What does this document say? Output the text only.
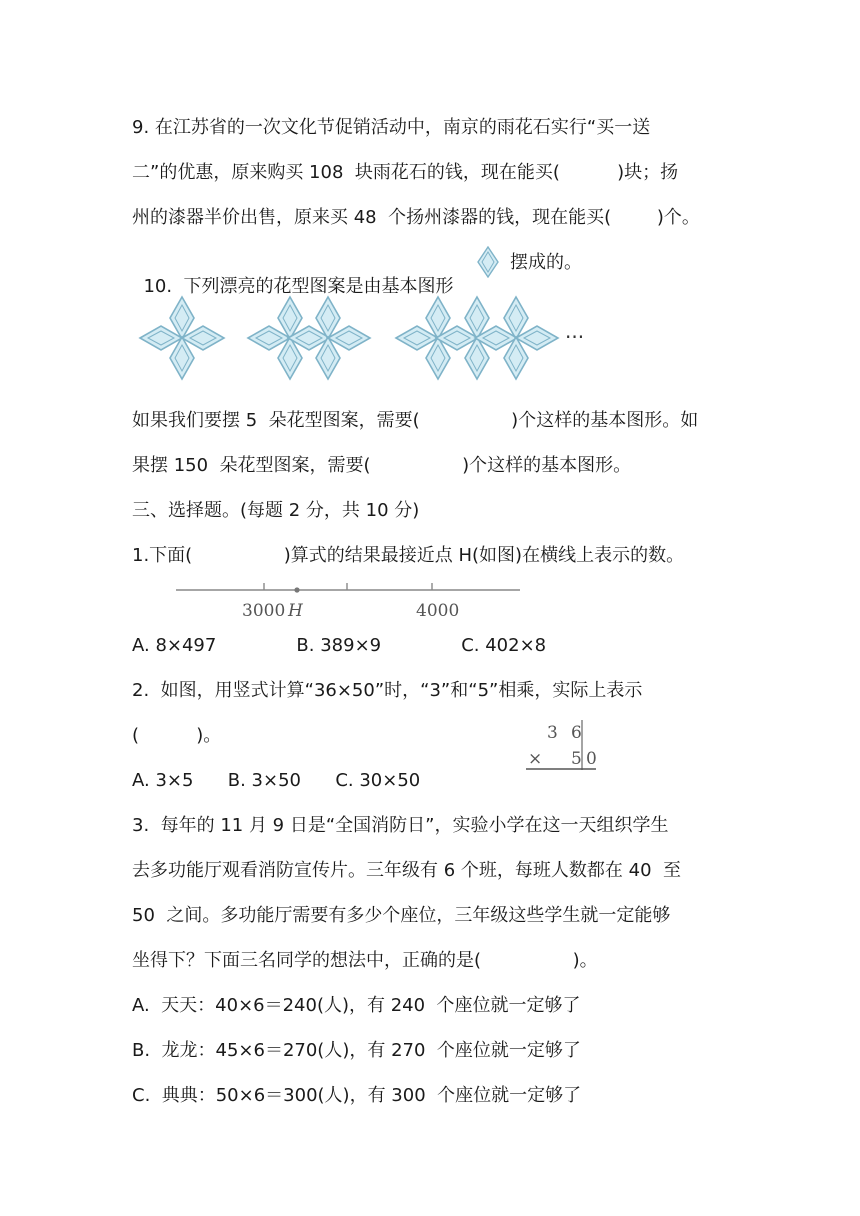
9. 在江苏省的一次文化节促销活动中，南京的雨花石实行“买一送
二”的优惠，原来购买 108  块雨花石的钱，现在能买(          )块；扬
州的漆器半价出售，原来买 48  个扬州漆器的钱，现在能买(        )个。

10.  下列漂亮的花型图案是由基本图形

摆成的。
···
如果我们要摆 5  朵花型图案，需要(                )个这样的基本图形。如
果摆 150  朵花型图案，需要(                )个这样的基本图形。
三、选择题。(每题 2 分，共 10 分)
1.下面(                )算式的结果最接近点 H(如图)在横线上表示的数。
3000 H	4000
A. 8×497              B. 389×9              C. 402×8
2.  如图，用竖式计算“36×50”时，“3”和“5”相乘，实际上表示
(          )。	3 6
× 5 0
A. 3×5      B. 3×50      C. 30×50
3.  每年的 11 月 9 日是“全国消防日”，实验小学在这一天组织学生
去多功能厅观看消防宣传片。三年级有 6 个班，每班人数都在 40  至
50  之间。多功能厅需要有多少个座位，三年级这些学生就一定能够
坐得下？下面三名同学的想法中，正确的是(                )。
A.  天天：40×6＝240(人)，有 240  个座位就一定够了
B.  龙龙：45×6＝270(人)，有 270  个座位就一定够了
C.  典典：50×6＝300(人)，有 300  个座位就一定够了
